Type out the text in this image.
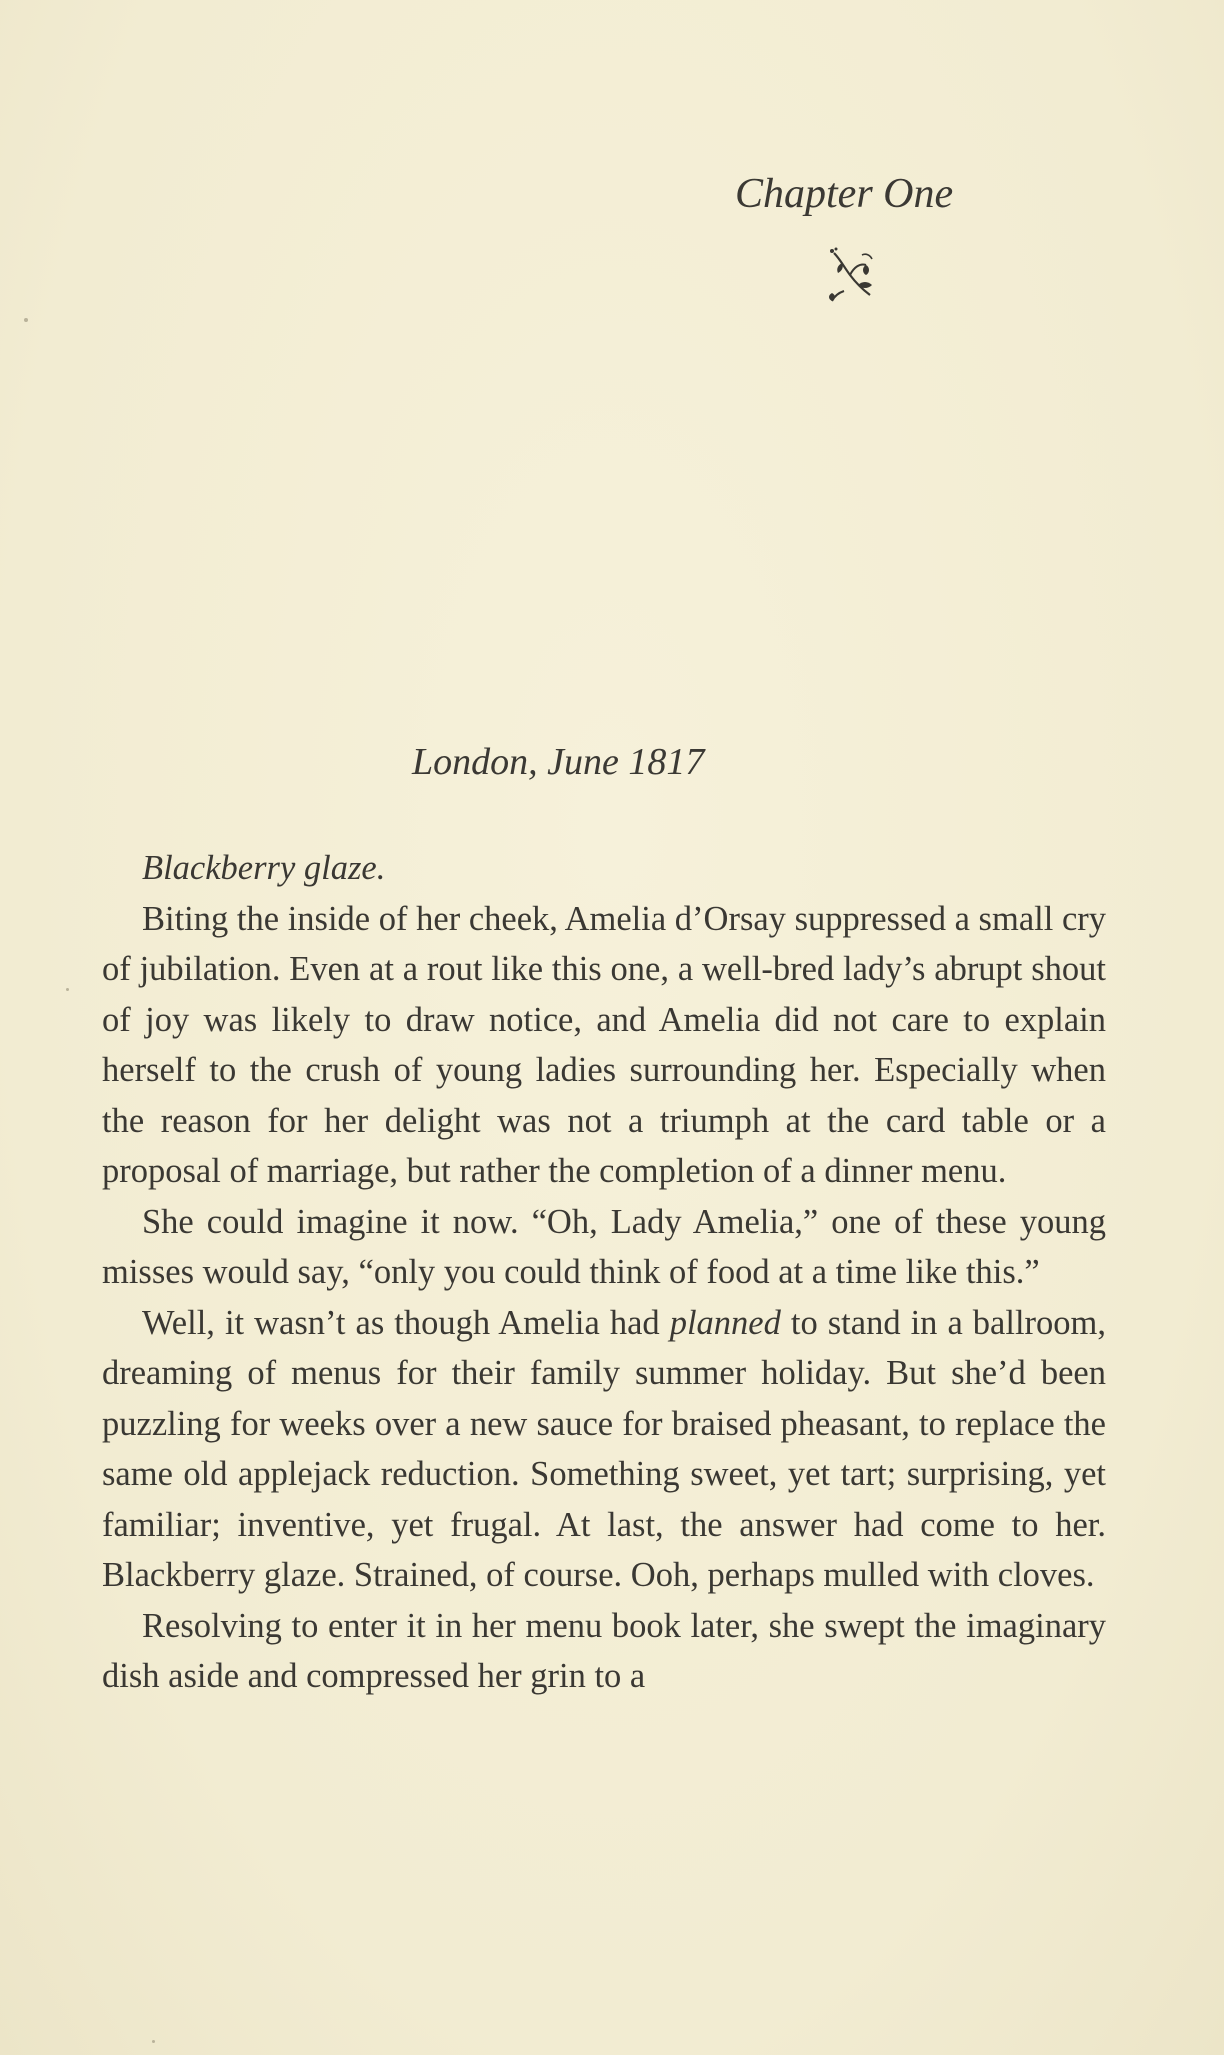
Chapter One
London, June 1817

Blackberry glaze.

Biting the inside of her cheek, Amelia d’Orsay suppressed a small cry of jubilation. Even at a rout like this one, a well-bred lady’s abrupt shout of joy was likely to draw notice, and Amelia did not care to explain herself to the crush of young ladies surrounding her. Especially when the reason for her delight was not a triumph at the card table or a proposal of marriage, but rather the completion of a dinner menu.

She could imagine it now. “Oh, Lady Amelia,” one of these young misses would say, “only you could think of food at a time like this.”

Well, it wasn’t as though Amelia had planned to stand in a ballroom, dreaming of menus for their family summer holiday. But she’d been puzzling for weeks over a new sauce for braised pheasant, to replace the same old applejack reduction. Something sweet, yet tart; surprising, yet familiar; inventive, yet frugal. At last, the answer had come to her. Blackberry glaze. Strained, of course. Ooh, perhaps mulled with cloves.

Resolving to enter it in her menu book later, she swept the imaginary dish aside and compressed her grin to a
